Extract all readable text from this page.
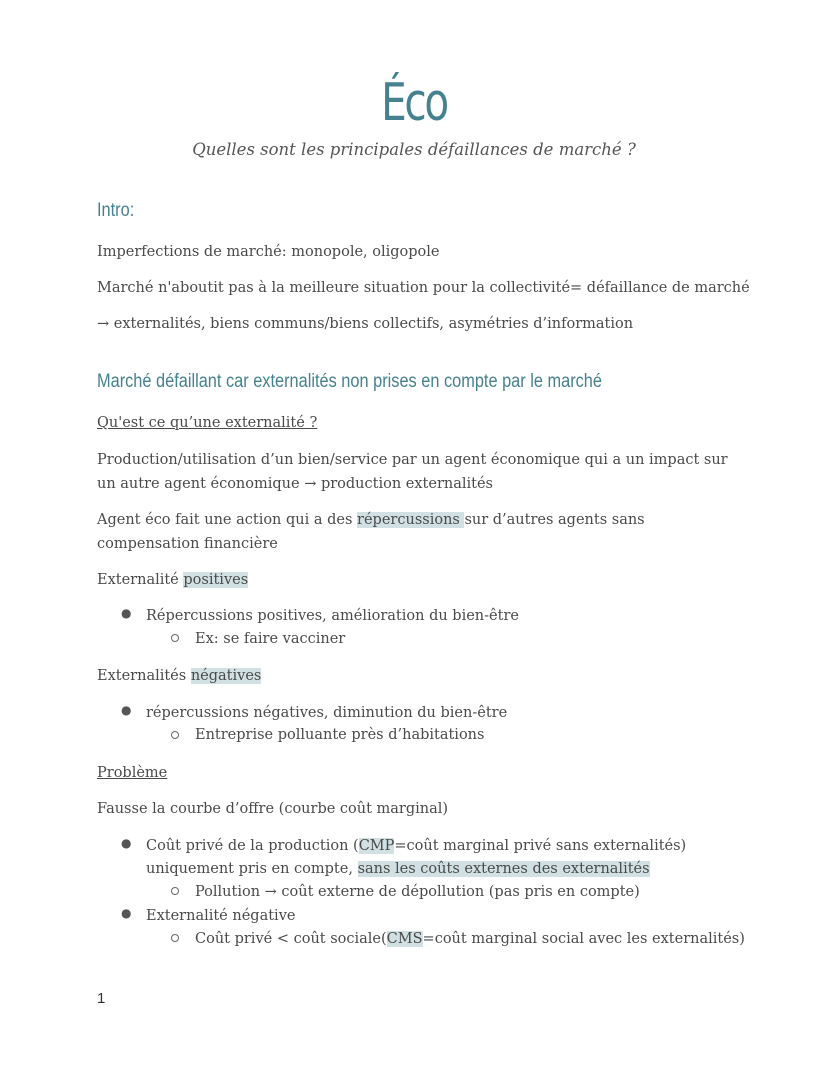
Éco
Quelles sont les principales défaillances de marché ?
Intro:
Imperfections de marché: monopole, oligopole
Marché n'aboutit pas à la meilleure situation pour la collectivité= défaillance de marché
→ externalités, biens communs/biens collectifs, asymétries d’information
Marché défaillant car externalités non prises en compte par le marché
Qu'est ce qu’une externalité ?
Production/utilisation d’un bien/service par un agent économique qui a un impact sur un autre agent économique → production externalités
Agent éco fait une action qui a des répercussions sur d’autres agents sans compensation financière
Externalité positives
● Répercussions positives, amélioration du bien-être
Ex: se faire vacciner
Externalités négatives
● répercussions négatives, diminution du bien-être
Entreprise polluante près d’habitations
Problème
Fausse la courbe d’offre (courbe coût marginal)
● Coût privé de la production (CMP=coût marginal privé sans externalités)
uniquement pris en compte, sans les coûts externes des externalités
Pollution → coût externe de dépollution (pas pris en compte)
● Externalité négative
Coût privé < coût sociale(CMS=coût marginal social avec les externalités)
1
